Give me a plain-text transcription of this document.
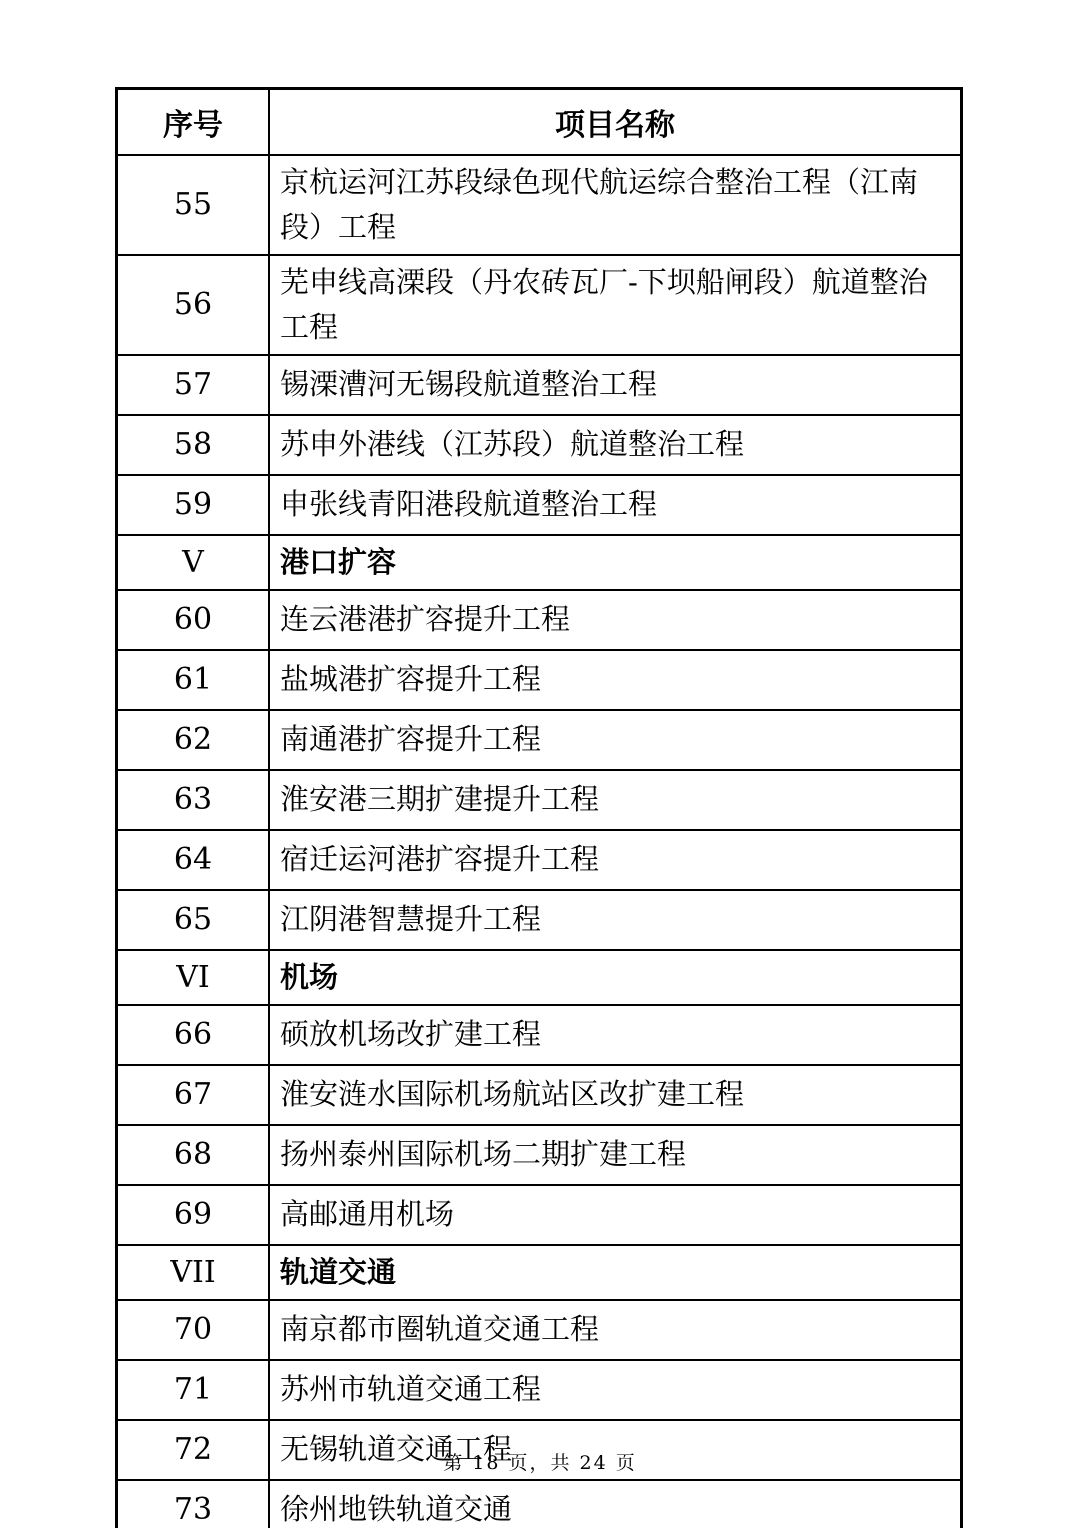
序号	项目名称
55	京杭运河江苏段绿色现代航运综合整治工程（江南段）工程
56	芜申线高溧段（丹农砖瓦厂-下坝船闸段）航道整治工程
57	锡溧漕河无锡段航道整治工程
58	苏申外港线（江苏段）航道整治工程
59	申张线青阳港段航道整治工程
V	港口扩容
60	连云港港扩容提升工程
61	盐城港扩容提升工程
62	南通港扩容提升工程
63	淮安港三期扩建提升工程
64	宿迁运河港扩容提升工程
65	江阴港智慧提升工程
VI	机场
66	硕放机场改扩建工程
67	淮安涟水国际机场航站区改扩建工程
68	扬州泰州国际机场二期扩建工程
69	高邮通用机场
VII	轨道交通
70	南京都市圈轨道交通工程
71	苏州市轨道交通工程
72	无锡轨道交通工程
73	徐州地铁轨道交通
第 18 页，共 24 页
